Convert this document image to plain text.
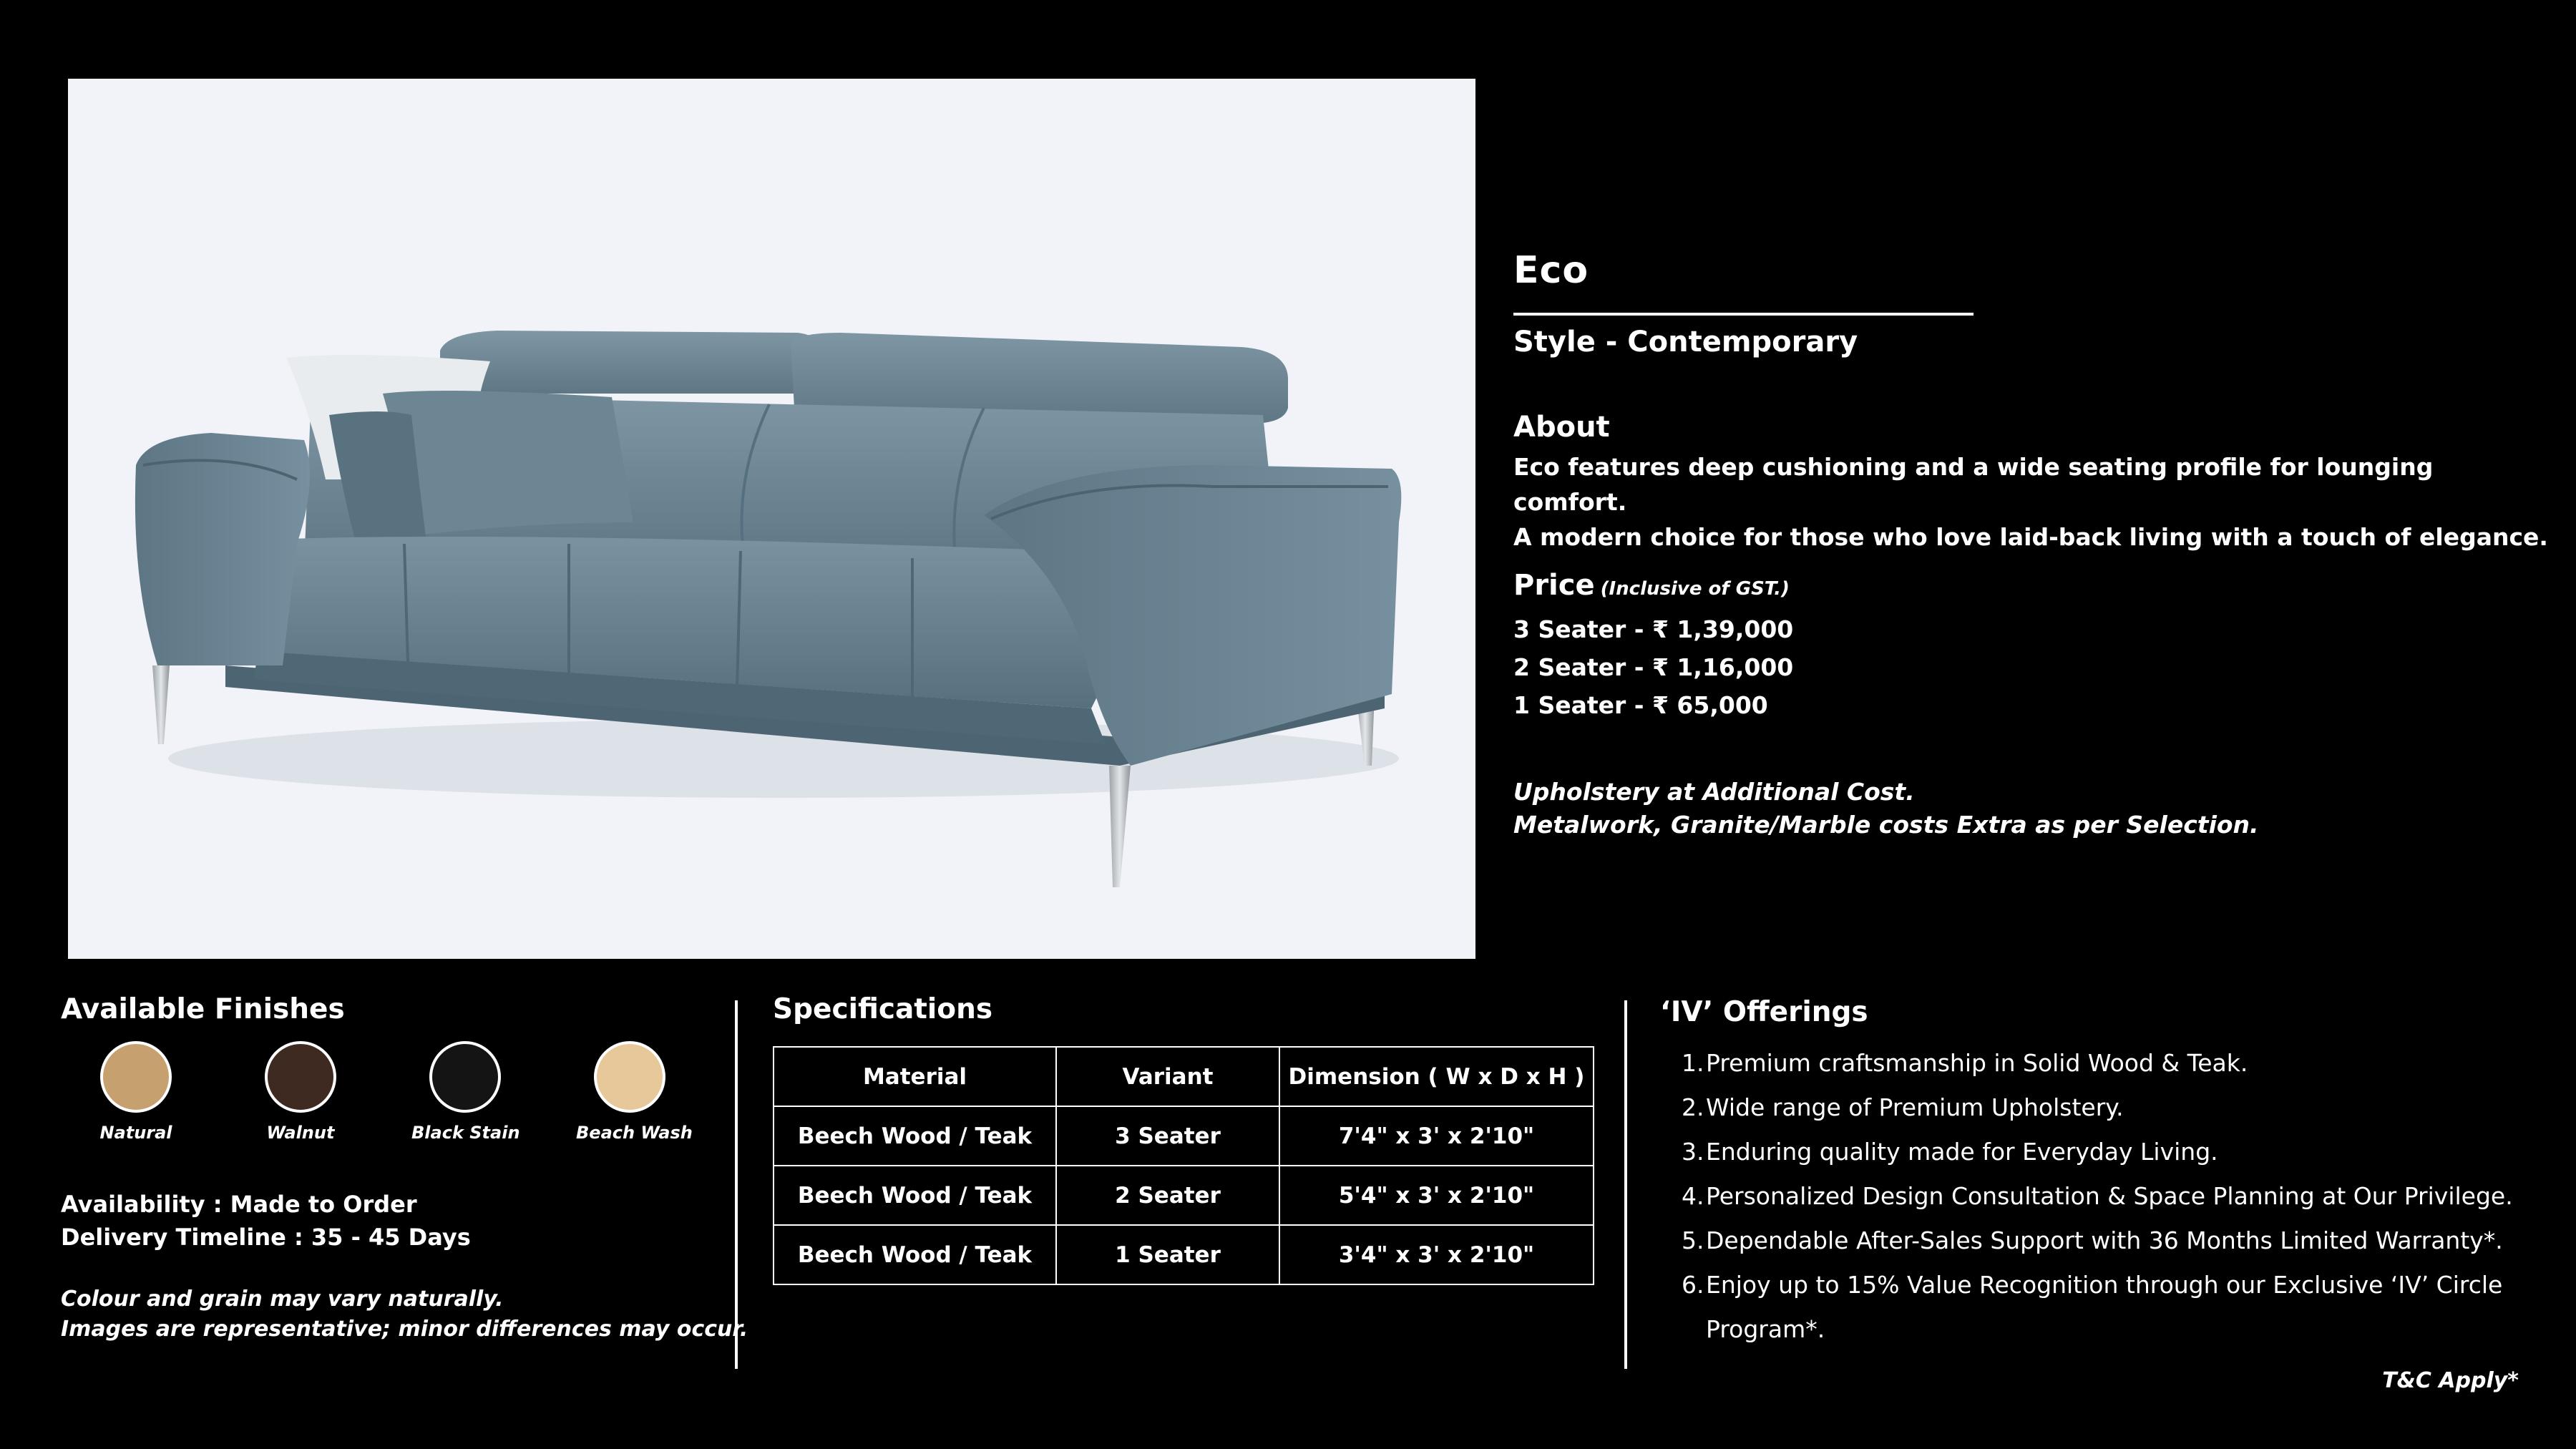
Eco
Style - Contemporary
About
Eco features deep cushioning and a wide seating profile for lounging comfort.
A modern choice for those who love laid-back living with a touch of elegance.
Price (Inclusive of GST.)
3 Seater - ₹ 1,39,000
2 Seater - ₹ 1,16,000
1 Seater - ₹ 65,000
Upholstery at Additional Cost.
Metalwork, Granite/Marble costs Extra as per Selection.
Available Finishes
Natural	Walnut	Black Stain	Beach Wash
Availability : Made to Order
Delivery Timeline : 35 - 45 Days
Colour and grain may vary naturally.
Images are representative; minor differences may occur.
Specifications
Material	Variant	Dimension ( W x D x H )
Beech Wood / Teak	3 Seater	7'4" x 3' x 2'10"
Beech Wood / Teak	2 Seater	5'4" x 3' x 2'10"
Beech Wood / Teak	1 Seater	3'4" x 3' x 2'10"
‘IV’ Offerings
1. Premium craftsmanship in Solid Wood & Teak.
2. Wide range of Premium Upholstery.
3. Enduring quality made for Everyday Living.
4. Personalized Design Consultation & Space Planning at Our Privilege.
5. Dependable After-Sales Support with 36 Months Limited Warranty*.
6. Enjoy up to 15% Value Recognition through our Exclusive ‘IV’ Circle Program*.
T&C Apply*
